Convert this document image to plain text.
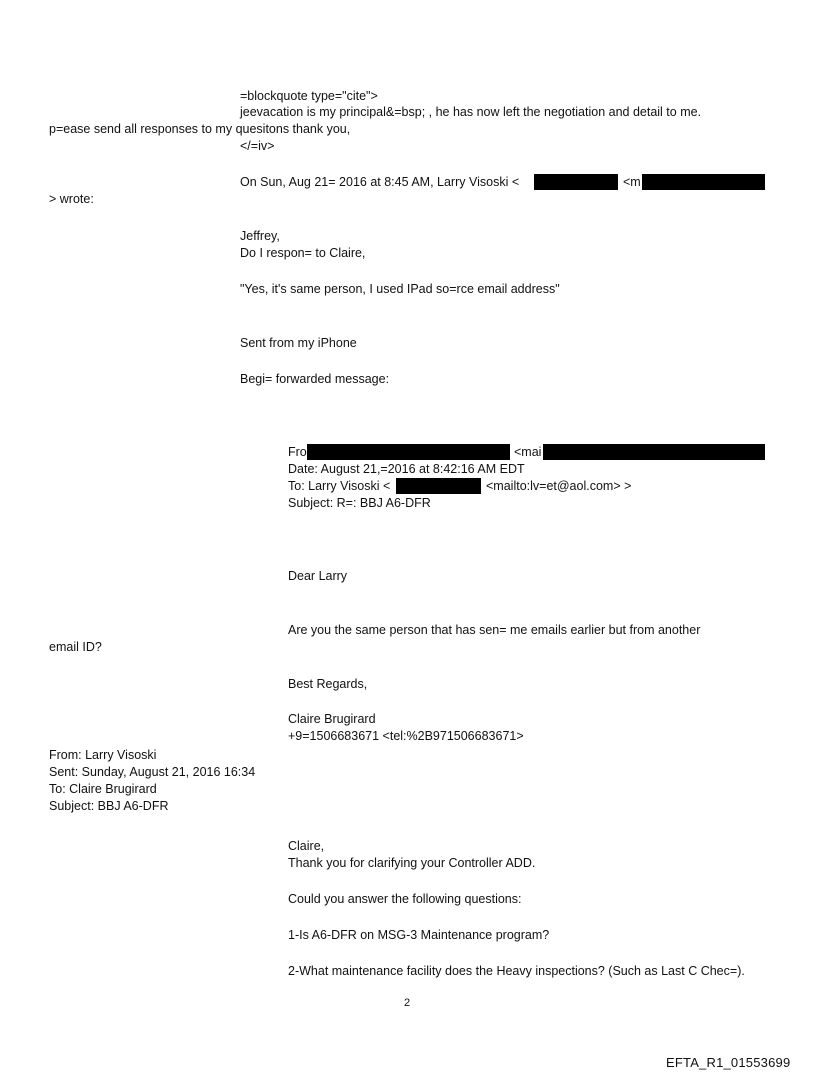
=blockquote type="cite">
jeevacation is my principal&=bsp; , he has now left the negotiation and detail to me.
p=ease send all responses to my quesitons thank you,
</=iv>
On Sun, Aug 21= 2016 at 8:45 AM, Larry Visoski <	<m
> wrote:
Jeffrey,
Do I respon= to Claire,
"Yes, it's same person, I used IPad so=rce email address"
Sent from my iPhone
Begi= forwarded message:
Fro	<mai
Date: August 21,=2016 at 8:42:16 AM EDT
To: Larry Visoski <	<mailto:lv=et@aol.com> >
Subject: R=: BBJ A6-DFR
Dear Larry
Are you the same person that has sen= me emails earlier but from another
email ID?
Best Regards,
Claire Brugirard
+9=1506683671 <tel:%2B971506683671>
From: Larry Visoski
Sent: Sunday, August 21, 2016 16:34
To: Claire Brugirard
Subject: BBJ A6-DFR
Claire,
Thank you for clarifying your Controller ADD.
Could you answer the following questions:
1-Is A6-DFR on MSG-3 Maintenance program?
2-What maintenance facility does the Heavy inspections? (Such as Last C Chec=).
2
EFTA_R1_01553699
